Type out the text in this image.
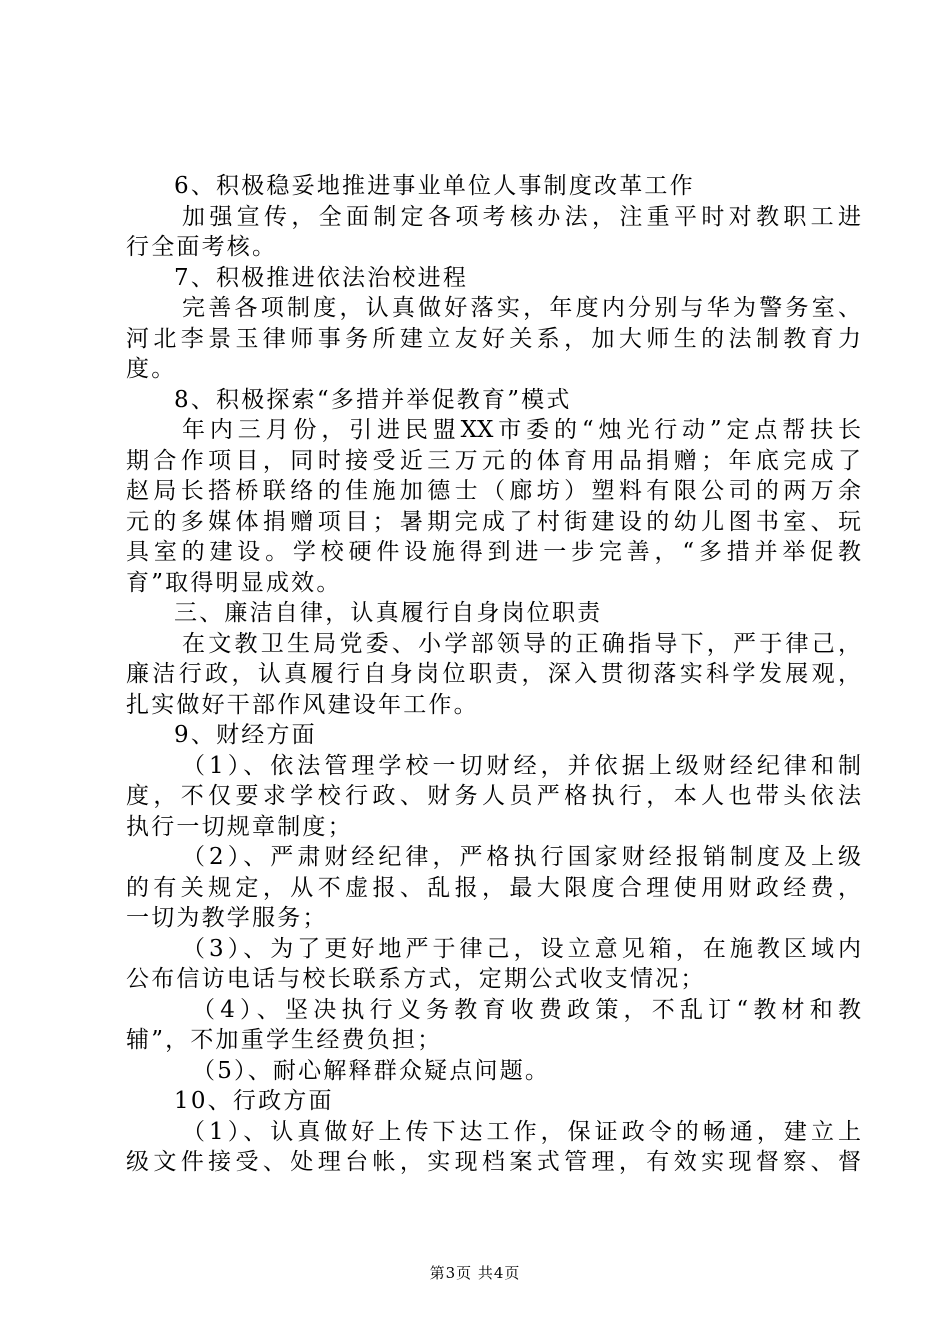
6、积极稳妥地推进事业单位人事制度改革工作
加强宣传，全面制定各项考核办法，注重平时对教职工进
行全面考核。
7、积极推进依法治校进程
完善各项制度，认真做好落实，年度内分别与华为警务室、
河北李景玉律师事务所建立友好关系，加大师生的法制教育力
度。
8、积极探索“多措并举促教育”模式
年内三月份，引进民盟XX市委的“烛光行动”定点帮扶长
期合作项目，同时接受近三万元的体育用品捐赠；年底完成了
赵局长搭桥联络的佳施加德士（廊坊）塑料有限公司的两万余
元的多媒体捐赠项目；暑期完成了村街建设的幼儿图书室、玩
具室的建设。学校硬件设施得到进一步完善，“多措并举促教
育”取得明显成效。
三、廉洁自律，认真履行自身岗位职责
在文教卫生局党委、小学部领导的正确指导下，严于律己，
廉洁行政，认真履行自身岗位职责，深入贯彻落实科学发展观，
扎实做好干部作风建设年工作。
9、财经方面
（1）、依法管理学校一切财经，并依据上级财经纪律和制
度，不仅要求学校行政、财务人员严格执行，本人也带头依法
执行一切规章制度；
（2）、严肃财经纪律，严格执行国家财经报销制度及上级
的有关规定，从不虚报、乱报，最大限度合理使用财政经费，
一切为教学服务；
（3）、为了更好地严于律己，设立意见箱，在施教区域内
公布信访电话与校长联系方式，定期公式收支情况；
（4）、坚决执行义务教育收费政策，不乱订“教材和教
辅”，不加重学生经费负担；
（5）、耐心解释群众疑点问题。
10、行政方面
（1）、认真做好上传下达工作，保证政令的畅通，建立上
级文件接受、处理台帐，实现档案式管理，有效实现督察、督
第3页 共4页
